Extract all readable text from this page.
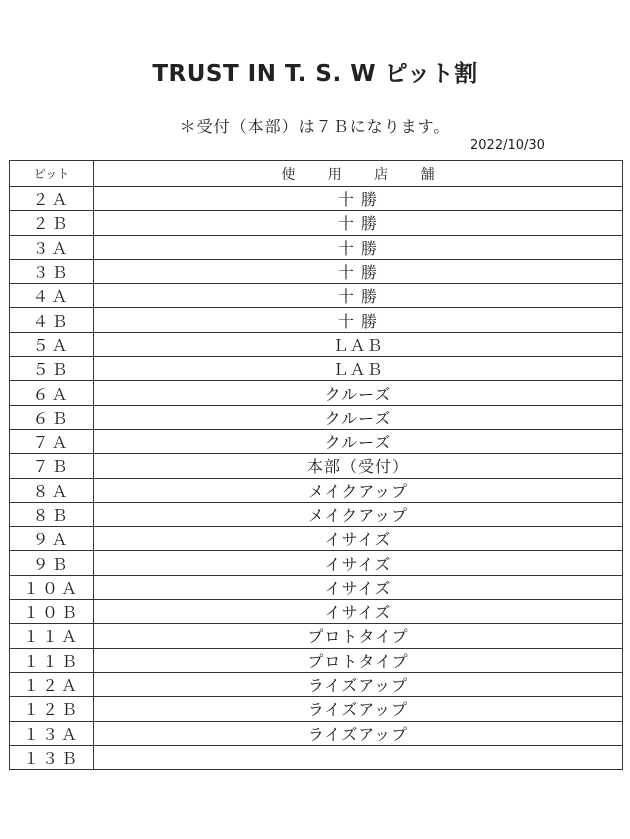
TRUST IN T. S. W ピット割
＊受付（本部）は７Ｂになります。
2022/10/30
ピット	使 用 店 舗
２Ａ	十 勝
２Ｂ	十 勝
３Ａ	十 勝
３Ｂ	十 勝
４Ａ	十 勝
４Ｂ	十 勝
５Ａ	ＬＡＢ
５Ｂ	ＬＡＢ
６Ａ	クルーズ
６Ｂ	クルーズ
７Ａ	クルーズ
７Ｂ	本部（受付）
８Ａ	メイクアップ
８Ｂ	メイクアップ
９Ａ	イサイズ
９Ｂ	イサイズ
１０Ａ	イサイズ
１０Ｂ	イサイズ
１１Ａ	プロトタイプ
１１Ｂ	プロトタイプ
１２Ａ	ライズアップ
１２Ｂ	ライズアップ
１３Ａ	ライズアップ
１３Ｂ	
